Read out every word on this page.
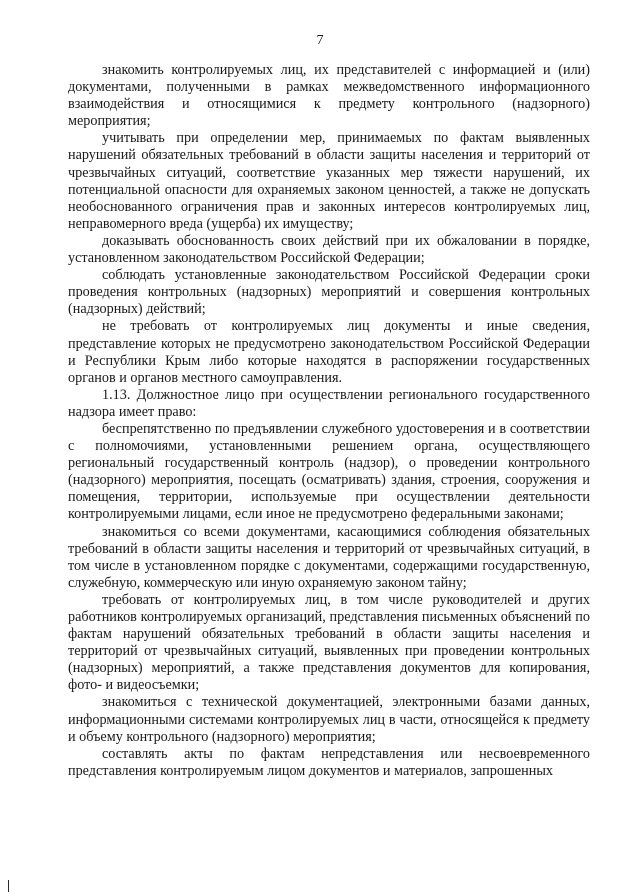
7

знакомить контролируемых лиц, их представителей с информацией и (или) документами, полученными в рамках межведомственного информационного взаимодействия и относящимися к предмету контрольного (надзорного) мероприятия;

учитывать при определении мер, принимаемых по фактам выявленных нарушений обязательных требований в области защиты населения и территорий от чрезвычайных ситуаций, соответствие указанных мер тяжести нарушений, их потенциальной опасности для охраняемых законом ценностей, а также не допускать необоснованного ограничения прав и законных интересов контролируемых лиц, неправомерного вреда (ущерба) их имуществу;

доказывать обоснованность своих действий при их обжаловании в порядке, установленном законодательством Российской Федерации;

соблюдать установленные законодательством Российской Федерации сроки проведения контрольных (надзорных) мероприятий и совершения контрольных (надзорных) действий;

не требовать от контролируемых лиц документы и иные сведения, представление которых не предусмотрено законодательством Российской Федерации и Республики Крым либо которые находятся в распоряжении государственных органов и органов местного самоуправления.

1.13. Должностное лицо при осуществлении регионального государственного надзора имеет право:

беспрепятственно по предъявлении служебного удостоверения и в соответствии с полномочиями, установленными решением органа, осуществляющего региональный государственный контроль (надзор), о проведении контрольного (надзорного) мероприятия, посещать (осматривать) здания, строения, сооружения и помещения, территории, используемые при осуществлении деятельности контролируемыми лицами, если иное не предусмотрено федеральными законами;

знакомиться со всеми документами, касающимися соблюдения обязательных требований в области защиты населения и территорий от чрезвычайных ситуаций, в том числе в установленном порядке с документами, содержащими государственную, служебную, коммерческую или иную охраняемую законом тайну;

требовать от контролируемых лиц, в том числе руководителей и других работников контролируемых организаций, представления письменных объяснений по фактам нарушений обязательных требований в области защиты населения и территорий от чрезвычайных ситуаций, выявленных при проведении контрольных (надзорных) мероприятий, а также представления документов для копирования, фото- и видеосъемки;

знакомиться с технической документацией, электронными базами данных, информационными системами контролируемых лиц в части, относящейся к предмету и объему контрольного (надзорного) мероприятия;

составлять акты по фактам непредставления или несвоевременного представления контролируемым лицом документов и материалов, запрошенных
